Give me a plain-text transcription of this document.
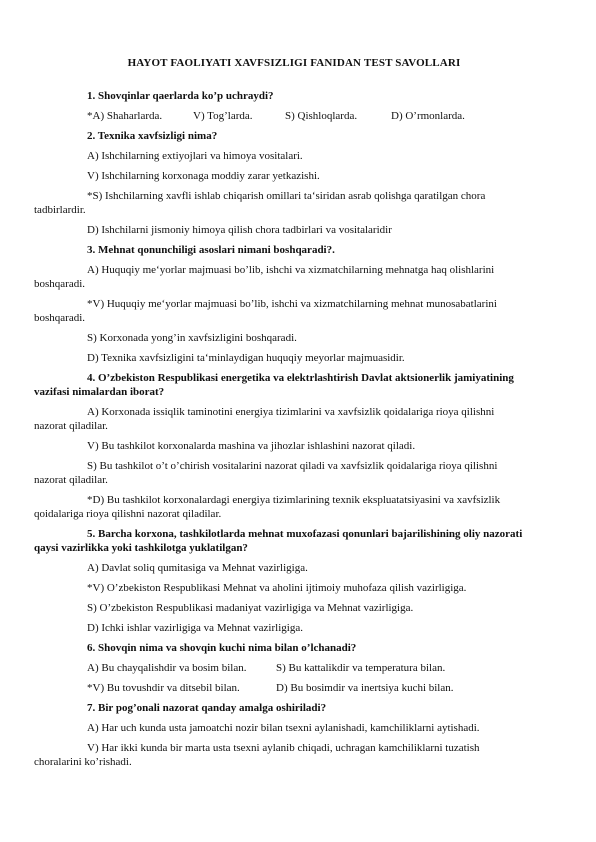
HAYOT FAOLIYATI XAVFSIZLIGI FANIDAN TEST SAVOLLARI
1. Shovqinlar qaerlarda ko’p uchraydi?
*A) Shaharlarda.	V) Tog’larda.	S) Qishloqlarda.	D) O’rmonlarda.
2. Texnika xavfsizligi nima?
A) Ishchilarning extiyojlari va himoya vositalari.
V) Ishchilarning korxonaga moddiy zarar yetkazishi.
*S) Ishchilarning xavfli ishlab chiqarish omillari ta‘siridan asrab qolishga qaratilgan chora tadbirlardir.
D) Ishchilarni jismoniy himoya qilish chora tadbirlari va vositalaridir
3. Mehnat qonunchiligi asoslari nimani boshqaradi?.
A) Huquqiy me‘yorlar majmuasi bo’lib, ishchi va xizmatchilarning mehnatga haq olishlarini boshqaradi.
*V) Huquqiy me‘yorlar majmuasi bo’lib, ishchi va xizmatchilarning mehnat munosabatlarini boshqaradi.
S) Korxonada yong’in xavfsizligini boshqaradi.
D) Texnika xavfsizligini ta‘minlaydigan huquqiy meyorlar majmuasidir.
4. O’zbekiston Respublikasi energetika va elektrlashtirish Davlat aktsionerlik jamiyatining vazifasi nimalardan iborat?
A) Korxonada issiqlik taminotini energiya tizimlarini va xavfsizlik qoidalariga rioya qilishni nazorat qiladilar.
V) Bu tashkilot korxonalarda mashina va jihozlar ishlashini nazorat qiladi.
S) Bu tashkilot o’t o’chirish vositalarini nazorat qiladi va xavfsizlik qoidalariga rioya qilishni nazorat qiladilar.
*D) Bu tashkilot korxonalardagi energiya tizimlarining texnik ekspluatatsiyasini va xavfsizlik qoidalariga rioya qilishni nazorat qiladilar.
5. Barcha korxona, tashkilotlarda mehnat muxofazasi qonunlari bajarilishining oliy nazorati qaysi vazirlikka yoki tashkilotga yuklatilgan?
A) Davlat soliq qumitasiga va Mehnat vazirligiga.
*V) O’zbekiston Respublikasi Mehnat va aholini ijtimoiy muhofaza qilish vazirligiga.
S) O’zbekiston Respublikasi madaniyat vazirligiga va Mehnat vazirligiga.
D) Ichki ishlar vazirligiga va Mehnat vazirligiga.
6. Shovqin nima va shovqin kuchi nima bilan o’lchanadi?
A) Bu chayqalishdir va bosim bilan.	S) Bu kattalikdir va temperatura bilan.
*V) Bu tovushdir va ditsebil bilan.	D) Bu bosimdir va inertsiya kuchi bilan.
7. Bir pog’onali nazorat qanday amalga oshiriladi?
A) Har uch kunda usta jamoatchi nozir bilan tsexni aylanishadi, kamchiliklarni aytishadi.
V) Har ikki kunda bir marta usta tsexni aylanib chiqadi, uchragan kamchiliklarni tuzatish choralarini ko’rishadi.
